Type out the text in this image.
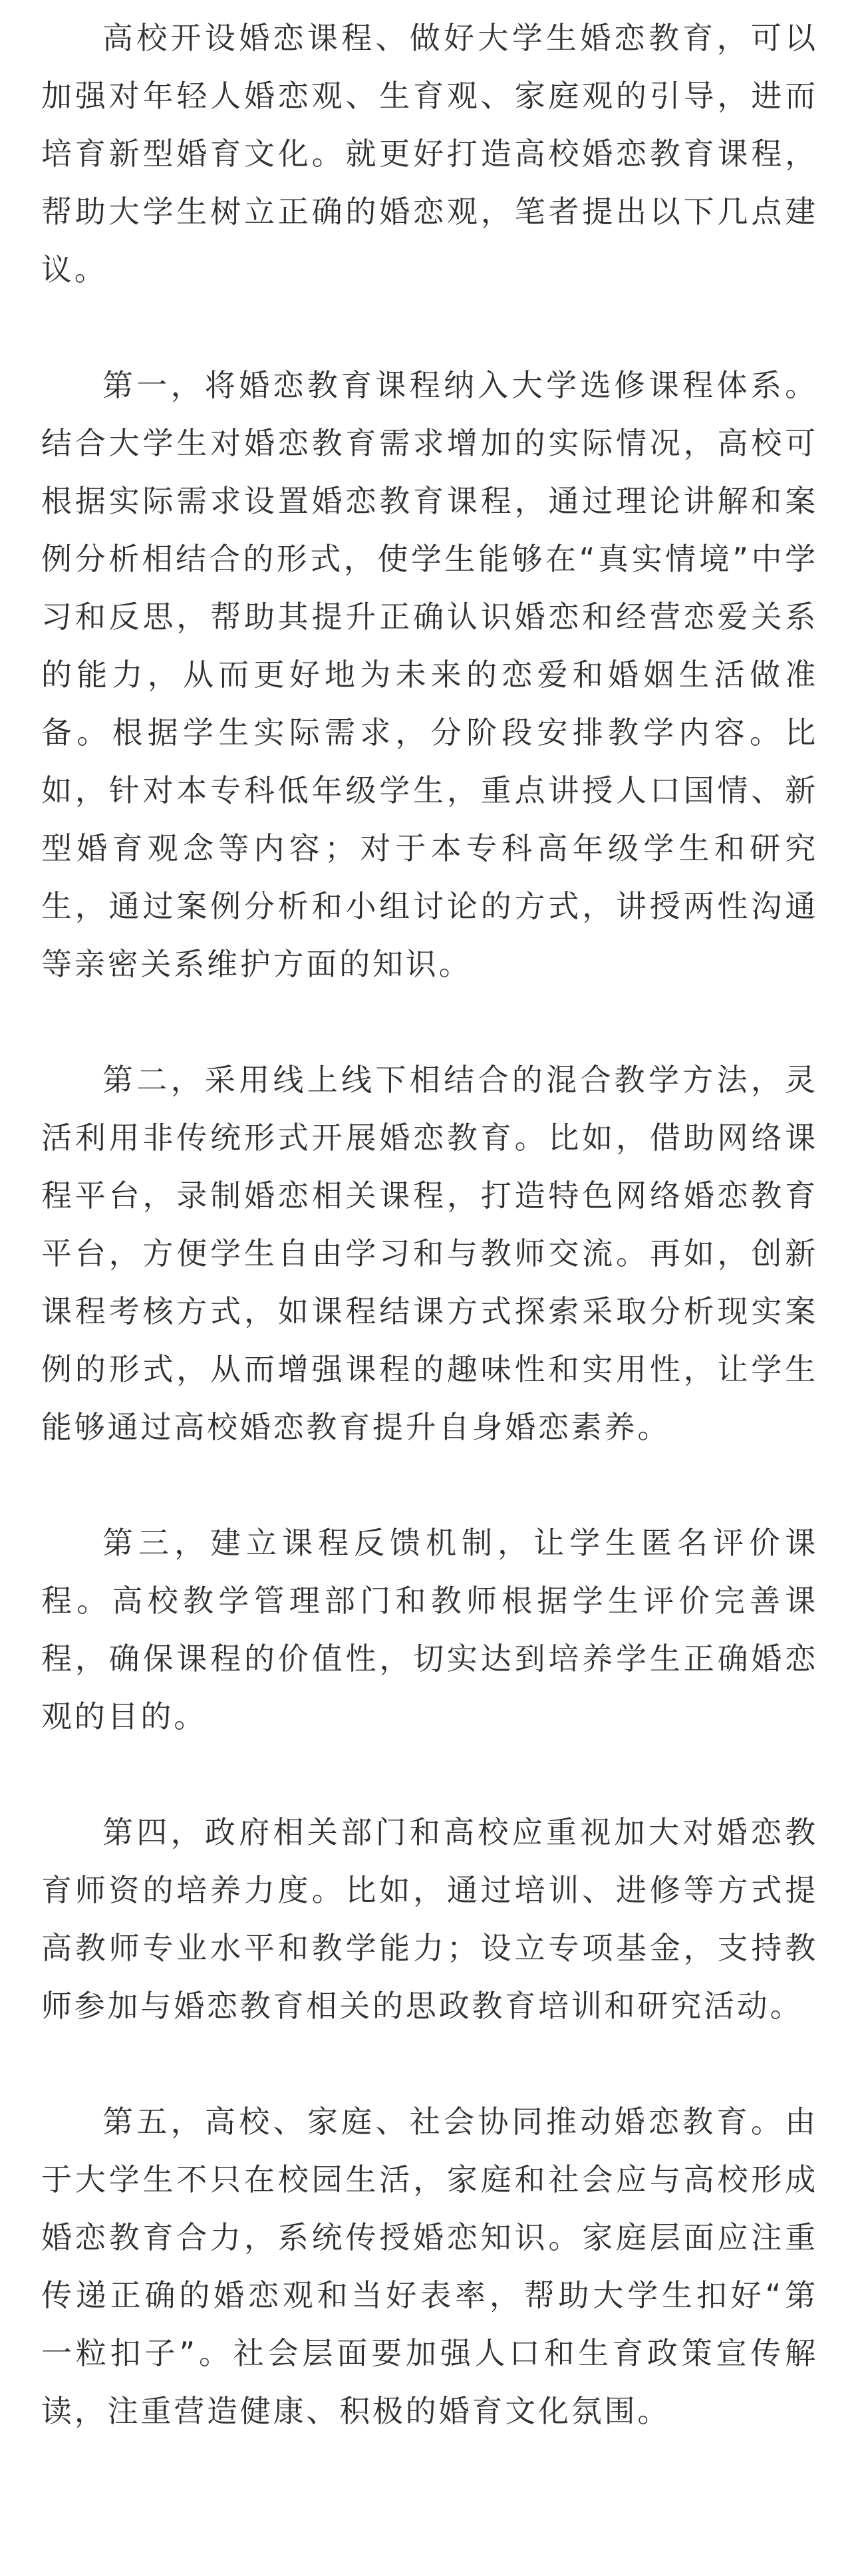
高校开设婚恋课程、做好大学生婚恋教育，可以加强对年轻人婚恋观、生育观、家庭观的引导，进而培育新型婚育文化。就更好打造高校婚恋教育课程，帮助大学生树立正确的婚恋观，笔者提出以下几点建议。

第一，将婚恋教育课程纳入大学选修课程体系。结合大学生对婚恋教育需求增加的实际情况，高校可根据实际需求设置婚恋教育课程，通过理论讲解和案例分析相结合的形式，使学生能够在“真实情境”中学习和反思，帮助其提升正确认识婚恋和经营恋爱关系的能力，从而更好地为未来的恋爱和婚姻生活做准备。根据学生实际需求，分阶段安排教学内容。比如，针对本专科低年级学生，重点讲授人口国情、新型婚育观念等内容；对于本专科高年级学生和研究生，通过案例分析和小组讨论的方式，讲授两性沟通等亲密关系维护方面的知识。

第二，采用线上线下相结合的混合教学方法，灵活利用非传统形式开展婚恋教育。比如，借助网络课程平台，录制婚恋相关课程，打造特色网络婚恋教育平台，方便学生自由学习和与教师交流。再如，创新课程考核方式，如课程结课方式探索采取分析现实案例的形式，从而增强课程的趣味性和实用性，让学生能够通过高校婚恋教育提升自身婚恋素养。

第三，建立课程反馈机制，让学生匿名评价课程。高校教学管理部门和教师根据学生评价完善课程，确保课程的价值性，切实达到培养学生正确婚恋观的目的。

第四，政府相关部门和高校应重视加大对婚恋教育师资的培养力度。比如，通过培训、进修等方式提高教师专业水平和教学能力；设立专项基金，支持教师参加与婚恋教育相关的思政教育培训和研究活动。

第五，高校、家庭、社会协同推动婚恋教育。由于大学生不只在校园生活，家庭和社会应与高校形成婚恋教育合力，系统传授婚恋知识。家庭层面应注重传递正确的婚恋观和当好表率，帮助大学生扣好“第一粒扣子”。社会层面要加强人口和生育政策宣传解读，注重营造健康、积极的婚育文化氛围。
